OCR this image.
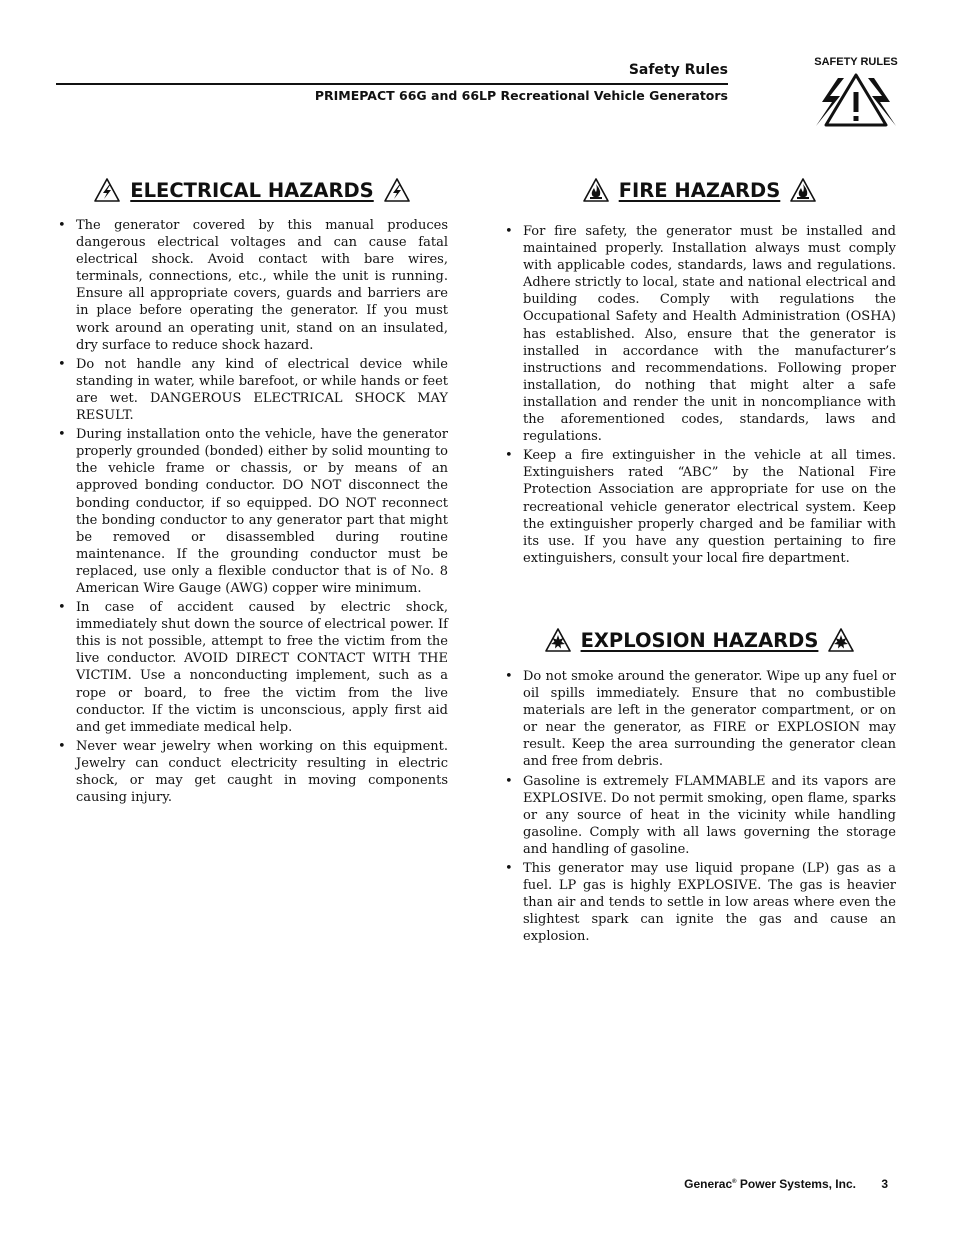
Safety Rules
PRIMEPACT 66G and 66LP Recreational Vehicle Generators
SAFETY RULES
ELECTRICAL HAZARDS
• The generator covered by this manual produces dangerous electrical voltages and can cause fatal electrical shock. Avoid contact with bare wires, terminals, connections, etc., while the unit is running. Ensure all appropriate covers, guards and barriers are in place before operating the generator. If you must work around an operating unit, stand on an insulated, dry surface to reduce shock hazard.
• Do not handle any kind of electrical device while standing in water, while barefoot, or while hands or feet are wet. DANGEROUS ELECTRICAL SHOCK MAY RESULT.
• During installation onto the vehicle, have the generator properly grounded (bonded) either by solid mounting to the vehicle frame or chassis, or by means of an approved bonding conductor. DO NOT disconnect the bonding conductor, if so equipped. DO NOT reconnect the bonding conductor to any generator part that might be removed or disassembled during routine maintenance. If the grounding conductor must be replaced, use only a flexible conductor that is of No. 8 American Wire Gauge (AWG) copper wire minimum.
• In case of accident caused by electric shock, immediately shut down the source of electrical power. If this is not possible, attempt to free the victim from the live conductor. AVOID DIRECT CONTACT WITH THE VICTIM. Use a nonconducting implement, such as a rope or board, to free the victim from the live conductor. If the victim is unconscious, apply first aid and get immediate medical help.
• Never wear jewelry when working on this equipment. Jewelry can conduct electricity resulting in electric shock, or may get caught in moving components causing injury.
FIRE HAZARDS
• For fire safety, the generator must be installed and maintained properly. Installation always must comply with applicable codes, standards, laws and regulations. Adhere strictly to local, state and national electrical and building codes. Comply with regulations the Occupational Safety and Health Administration (OSHA) has established. Also, ensure that the generator is installed in accordance with the manufacturer’s instructions and recommendations. Following proper installation, do nothing that might alter a safe installation and render the unit in noncompliance with the aforementioned codes, standards, laws and regulations.
• Keep a fire extinguisher in the vehicle at all times. Extinguishers rated “ABC” by the National Fire Protection Association are appropriate for use on the recreational vehicle generator electrical system. Keep the extinguisher properly charged and be familiar with its use. If you have any question pertaining to fire extinguishers, consult your local fire department.
EXPLOSION HAZARDS
• Do not smoke around the generator. Wipe up any fuel or oil spills immediately. Ensure that no combustible materials are left in the generator compartment, or on or near the generator, as FIRE or EXPLOSION may result. Keep the area surrounding the generator clean and free from debris.
• Gasoline is extremely FLAMMABLE and its vapors are EXPLOSIVE. Do not permit smoking, open flame, sparks or any source of heat in the vicinity while handling gasoline. Comply with all laws governing the storage and handling of gasoline.
• This generator may use liquid propane (LP) gas as a fuel. LP gas is highly EXPLOSIVE. The gas is heavier than air and tends to settle in low areas where even the slightest spark can ignite the gas and cause an explosion.
Generac® Power Systems, Inc. 3
